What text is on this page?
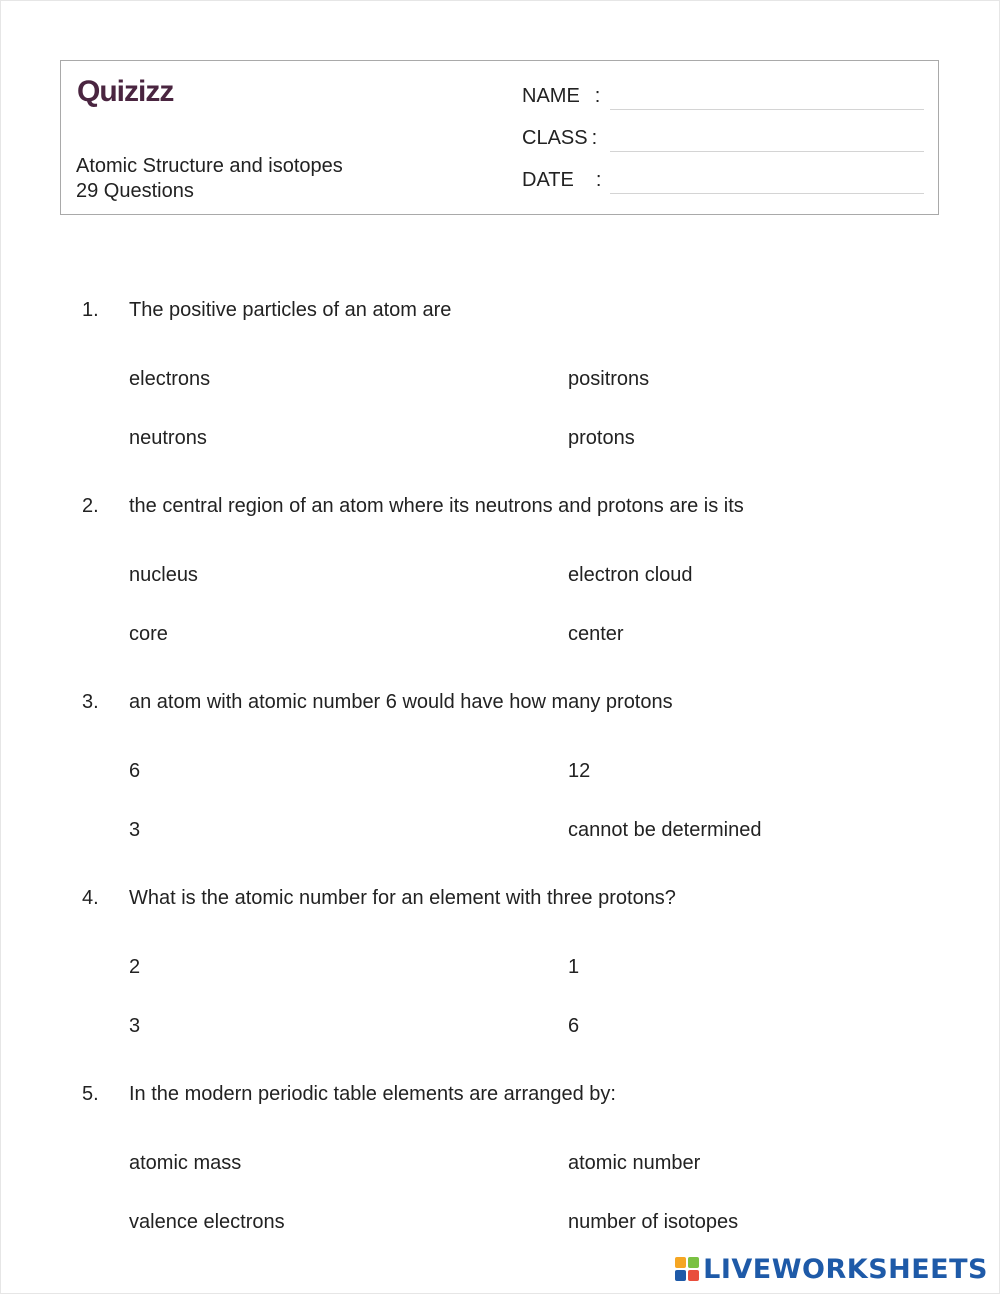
Quizizz
Atomic Structure and isotopes
29 Questions
NAME :
CLASS :
DATE :
1. The positive particles of an atom are
electrons	positrons
neutrons	protons
2. the central region of an atom where its neutrons and protons are is its
nucleus	electron cloud
core	center
3. an atom with atomic number 6 would have how many protons
6	12
3	cannot be determined
4. What is the atomic number for an element with three protons?
2	1
3	6
5. In the modern periodic table elements are arranged by:
atomic mass	atomic number
valence electrons	number of isotopes
LIVEWORKSHEETS
